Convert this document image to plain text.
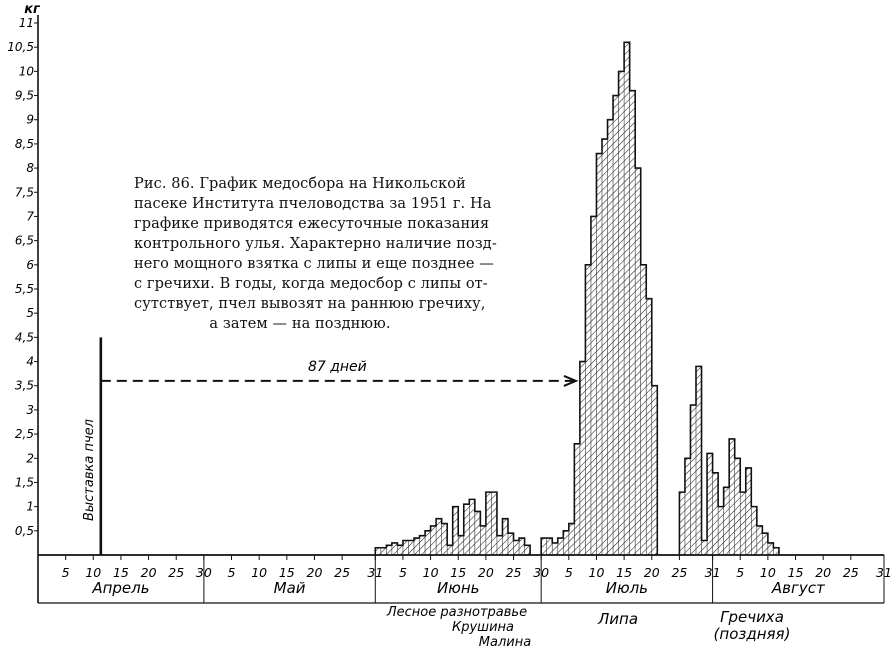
0,5
1
1,5
2
2,5
3
3,5
4
4,5
5
5,5
6
6,5
7
7,5
8
8,5
9
9,5
10
10,5
11
кг
Апрель	Май	Июнь	Июль	Август
5 10 15 20 25 30 5 10 15 20 25 31 5 10 15 20 25 30 5 10 15 20 25 31 5 10 15 20 25 31
Выставка пчел
87 дней
Лесное разнотравье
Крушина
Малина
Липа	Гречиха
(поздняя)
Рис. 86. График медосбора на Никольской
пасеке Института пчеловодства за 1951 г. На
графике приводятся ежесуточные показания
контрольного улья. Характерно наличие позд-
него мощного взятка с липы и еще позднее —
с гречихи. В годы, когда медосбор с липы от-
сутствует, пчел вывозят на раннюю гречиху,
а затем — на позднюю.
